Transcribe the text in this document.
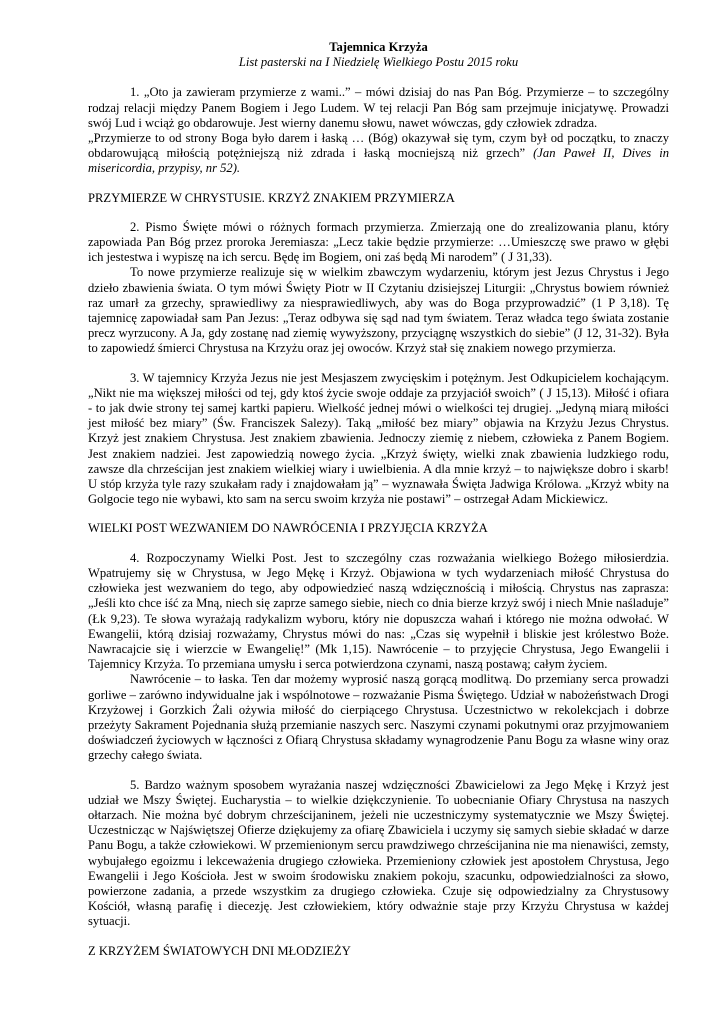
Tajemnica Krzyża

List pasterski na I Niedzielę Wielkiego Postu 2015 roku

1. „Oto ja zawieram przymierze z wami..” – mówi dzisiaj do nas Pan Bóg. Przymierze – to szczególny rodzaj relacji między Panem Bogiem i Jego Ludem. W tej relacji Pan Bóg sam przejmuje inicjatywę. Prowadzi swój Lud i wciąż go obdarowuje. Jest wierny danemu słowu, nawet wówczas, gdy człowiek zdradza.

„Przymierze to od strony Boga było darem i łaską … (Bóg) okazywał się tym, czym był od początku, to znaczy obdarowującą miłością potężniejszą niż zdrada i łaską mocniejszą niż grzech” (Jan Paweł II, Dives in misericordia, przypisy, nr 52).

PRZYMIERZE W CHRYSTUSIE. KRZYŻ ZNAKIEM PRZYMIERZA

2. Pismo Święte mówi o różnych formach przymierza. Zmierzają one do zrealizowania planu, który zapowiada Pan Bóg przez proroka Jeremiasza: „Lecz takie będzie przymierze: …Umieszczę swe prawo w głębi ich jestestwa i wypiszę na ich sercu. Będę im Bogiem, oni zaś będą Mi narodem” ( J 31,33).

To nowe przymierze realizuje się w wielkim zbawczym wydarzeniu, którym jest Jezus Chrystus i Jego dzieło zbawienia świata. O tym mówi Święty Piotr w II Czytaniu dzisiejszej Liturgii: „Chrystus bowiem również raz umarł za grzechy, sprawiedliwy za niesprawiedliwych, aby was do Boga przyprowadzić” (1 P 3,18). Tę tajemnicę zapowiadał sam Pan Jezus: „Teraz odbywa się sąd nad tym światem. Teraz władca tego świata zostanie precz wyrzucony. A Ja, gdy zostanę nad ziemię wywyższony, przyciągnę wszystkich do siebie” (J 12, 31-32). Była to zapowiedź śmierci Chrystusa na Krzyżu oraz jej owoców. Krzyż stał się znakiem nowego przymierza.

3. W tajemnicy Krzyża Jezus nie jest Mesjaszem zwycięskim i potężnym. Jest Odkupicielem kochającym. „Nikt nie ma większej miłości od tej, gdy ktoś życie swoje oddaje za przyjaciół swoich” ( J 15,13). Miłość i ofiara - to jak dwie strony tej samej kartki papieru. Wielkość jednej mówi o wielkości tej drugiej. „Jedyną miarą miłości jest miłość bez miary” (Św. Franciszek Salezy). Taką „miłość bez miary” objawia na Krzyżu Jezus Chrystus. Krzyż jest znakiem Chrystusa. Jest znakiem zbawienia. Jednoczy ziemię z niebem, człowieka z Panem Bogiem. Jest znakiem nadziei. Jest zapowiedzią nowego życia. „Krzyż święty, wielki znak zbawienia ludzkiego rodu, zawsze dla chrześcijan jest znakiem wielkiej wiary i uwielbienia. A dla mnie krzyż – to największe dobro i skarb! U stóp krzyża tyle razy szukałam rady i znajdowałam ją” – wyznawała Święta Jadwiga Królowa. „Krzyż wbity na Golgocie tego nie wybawi, kto sam na sercu swoim krzyża nie postawi” – ostrzegał Adam Mickiewicz.

WIELKI POST WEZWANIEM DO NAWRÓCENIA I PRZYJĘCIA KRZYŻA

4. Rozpoczynamy Wielki Post. Jest to szczególny czas rozważania wielkiego Bożego miłosierdzia. Wpatrujemy się w Chrystusa, w Jego Mękę i Krzyż. Objawiona w tych wydarzeniach miłość Chrystusa do człowieka jest wezwaniem do tego, aby odpowiedzieć naszą wdzięcznością i miłością. Chrystus nas zaprasza: „Jeśli kto chce iść za Mną, niech się zaprze samego siebie, niech co dnia bierze krzyż swój i niech Mnie naśladuje” (Łk 9,23). Te słowa wyrażają radykalizm wyboru, który nie dopuszcza wahań i którego nie można odwołać. W Ewangelii, którą dzisiaj rozważamy, Chrystus mówi do nas: „Czas się wypełnił i bliskie jest królestwo Boże. Nawracajcie się i wierzcie w Ewangelię!” (Mk 1,15). Nawrócenie – to przyjęcie Chrystusa, Jego Ewangelii i Tajemnicy Krzyża. To przemiana umysłu i serca potwierdzona czynami, naszą postawą; całym życiem.

Nawrócenie – to łaska. Ten dar możemy wyprosić naszą gorącą modlitwą. Do przemiany serca prowadzi gorliwe – zarówno indywidualne jak i wspólnotowe – rozważanie Pisma Świętego. Udział w nabożeństwach Drogi Krzyżowej i Gorzkich Żali ożywia miłość do cierpiącego Chrystusa. Uczestnictwo w rekolekcjach i dobrze przeżyty Sakrament Pojednania służą przemianie naszych serc. Naszymi czynami pokutnymi oraz przyjmowaniem doświadczeń życiowych w łączności z Ofiarą Chrystusa składamy wynagrodzenie Panu Bogu za własne winy oraz grzechy całego świata.

5. Bardzo ważnym sposobem wyrażania naszej wdzięczności Zbawicielowi za Jego Mękę i Krzyż jest udział we Mszy Świętej. Eucharystia – to wielkie dziękczynienie. To uobecnianie Ofiary Chrystusa na naszych ołtarzach. Nie można być dobrym chrześcijaninem, jeżeli nie uczestniczymy systematycznie we Mszy Świętej. Uczestnicząc w Najświętszej Ofierze dziękujemy za ofiarę Zbawiciela i uczymy się samych siebie składać w darze Panu Bogu, a także człowiekowi. W przemienionym sercu prawdziwego chrześcijanina nie ma nienawiści, zemsty, wybujałego egoizmu i lekceważenia drugiego człowieka. Przemieniony człowiek jest apostołem Chrystusa, Jego Ewangelii i Jego Kościoła. Jest w swoim środowisku znakiem pokoju, szacunku, odpowiedzialności za słowo, powierzone zadania, a przede wszystkim za drugiego człowieka. Czuje się odpowiedzialny za Chrystusowy Kościół, własną parafię i diecezję. Jest człowiekiem, który odważnie staje przy Krzyżu Chrystusa w każdej sytuacji.

Z KRZYŻEM ŚWIATOWYCH DNI MŁODZIEŻY
